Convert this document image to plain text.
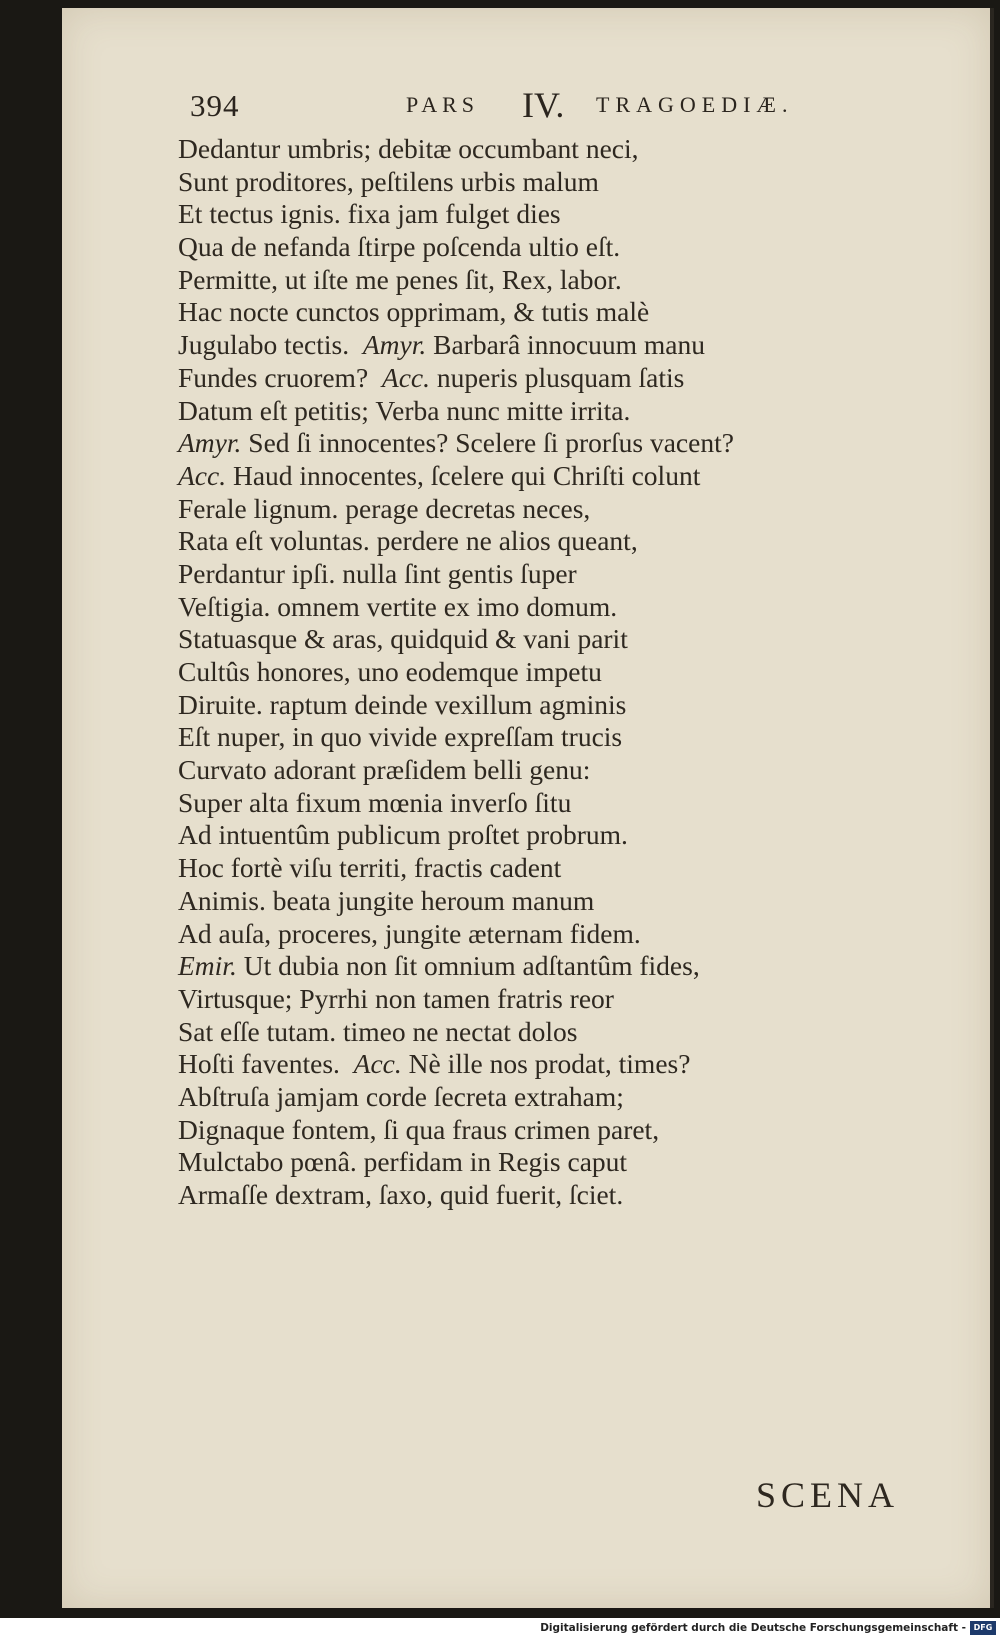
394	PARS IV. TRAGOEDIÆ.
Dedantur umbris; debitæ occumbant neci,
Sunt proditores, peſtilens urbis malum
Et tectus ignis. fixa jam fulget dies
Qua de nefanda ſtirpe poſcenda ultio eſt.
Permitte, ut iſte me penes ſit, Rex, labor.
Hac nocte cunctos opprimam, & tutis malè
Jugulabo tectis.  Amyr. Barbarâ innocuum manu
Fundes cruorem?  Acc. nuperis plusquam ſatis
Datum eſt petitis; Verba nunc mitte irrita.
Amyr. Sed ſi innocentes? Scelere ſi prorſus vacent?
Acc. Haud innocentes, ſcelere qui Chriſti colunt
Ferale lignum. perage decretas neces,
Rata eſt voluntas. perdere ne alios queant,
Perdantur ipſi. nulla ſint gentis ſuper
Veſtigia. omnem vertite ex imo domum.
Statuasque & aras, quidquid & vani parit
Cultûs honores, uno eodemque impetu
Diruite. raptum deinde vexillum agminis
Eſt nuper, in quo vivide expreſſam trucis
Curvato adorant præſidem belli genu:
Super alta fixum mœnia inverſo ſitu
Ad intuentûm publicum proſtet probrum.
Hoc fortè viſu territi, fractis cadent
Animis. beata jungite heroum manum
Ad auſa, proceres, jungite æternam fidem.
Emir. Ut dubia non ſit omnium adſtantûm fides,
Virtusque; Pyrrhi non tamen fratris reor
Sat eſſe tutam. timeo ne nectat dolos
Hoſti faventes.  Acc. Nè ille nos prodat, times?
Abſtruſa jamjam corde ſecreta extraham;
Dignaque fontem, ſi qua fraus crimen paret,
Mulctabo pœnâ. perfidam in Regis caput
Armaſſe dextram, ſaxo, quid fuerit, ſciet.
SCENA
Digitalisierung gefördert durch die Deutsche Forschungsgemeinschaft - DFG
